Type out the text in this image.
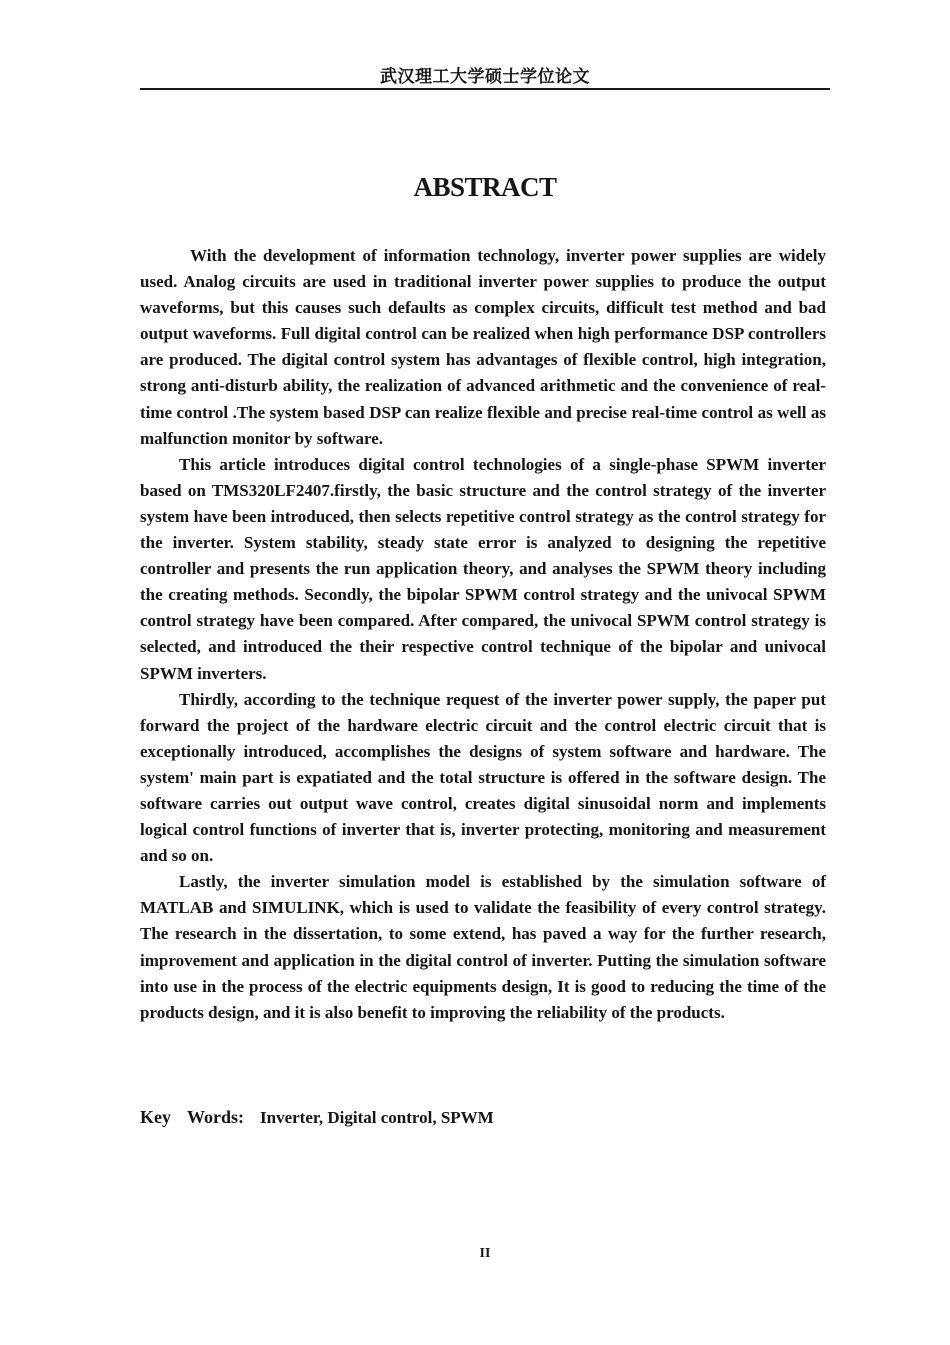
武汉理工大学硕士学位论文
ABSTRACT

With the development of information technology, inverter power supplies are widely used. Analog circuits are used in traditional inverter power supplies to produce the output waveforms, but this causes such defaults as complex circuits, difficult test method and bad output waveforms. Full digital control can be realized when high performance DSP controllers are produced. The digital control system has advantages of flexible control, high integration, strong anti-disturb ability, the realization of advanced arithmetic and the convenience of real-time control .The system based DSP can realize flexible and precise real-time control as well as malfunction monitor by software.

This article introduces digital control technologies of a single-phase SPWM inverter based on TMS320LF2407.firstly, the basic structure and the control strategy of the inverter system have been introduced, then selects repetitive control strategy as the control strategy for the inverter. System stability, steady state error is analyzed to designing the repetitive controller and presents the run application theory, and analyses the SPWM theory including the creating methods. Secondly, the bipolar SPWM control strategy and the univocal SPWM control strategy have been compared. After compared, the univocal SPWM control strategy is selected, and introduced the their respective control technique of the bipolar and univocal SPWM inverters.

Thirdly, according to the technique request of the inverter power supply, the paper put forward the project of the hardware electric circuit and the control electric circuit that is exceptionally introduced, accomplishes the designs of system software and hardware. The system' main part is expatiated and the total structure is offered in the software design. The software carries out output wave control, creates digital sinusoidal norm and implements logical control functions of inverter that is, inverter protecting, monitoring and measurement and so on.

Lastly, the inverter simulation model is established by the simulation software of MATLAB and SIMULINK, which is used to validate the feasibility of every control strategy. The research in the dissertation, to some extend, has paved a way for the further research, improvement and application in the digital control of inverter. Putting the simulation software into use in the process of the electric equipments design, It is good to reducing the time of the products design, and it is also benefit to improving the reliability of the products.

Key Words: Inverter, Digital control, SPWM
II
